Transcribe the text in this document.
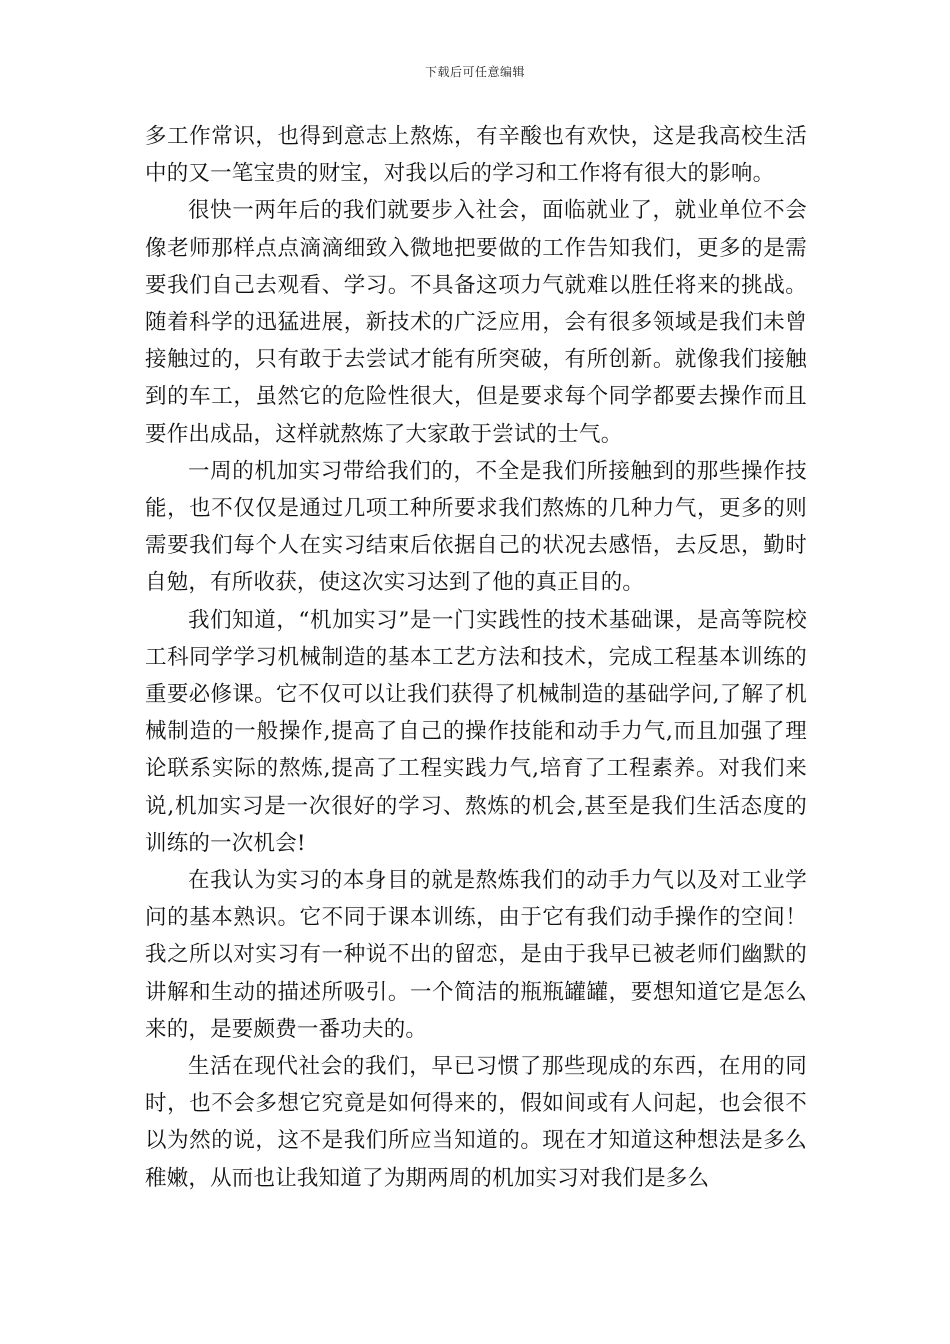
下载后可任意编辑

多工作常识，也得到意志上熬炼，有辛酸也有欢快，这是我高校生活中的又一笔宝贵的财宝，对我以后的学习和工作将有很大的影响。

很快一两年后的我们就要步入社会，面临就业了，就业单位不会像老师那样点点滴滴细致入微地把要做的工作告知我们，更多的是需要我们自己去观看、学习。不具备这项力气就难以胜任将来的挑战。随着科学的迅猛进展，新技术的广泛应用，会有很多领域是我们未曾接触过的，只有敢于去尝试才能有所突破，有所创新。就像我们接触到的车工，虽然它的危险性很大，但是要求每个同学都要去操作而且要作出成品，这样就熬炼了大家敢于尝试的士气。

一周的机加实习带给我们的，不全是我们所接触到的那些操作技能，也不仅仅是通过几项工种所要求我们熬炼的几种力气，更多的则需要我们每个人在实习结束后依据自己的状况去感悟，去反思，勤时自勉，有所收获，使这次实习达到了他的真正目的。

我们知道，“机加实习”是一门实践性的技术基础课，是高等院校工科同学学习机械制造的基本工艺方法和技术，完成工程基本训练的重要必修课。它不仅可以让我们获得了机械制造的基础学问,了解了机械制造的一般操作,提高了自己的操作技能和动手力气,而且加强了理论联系实际的熬炼,提高了工程实践力气,培育了工程素养。对我们来说,机加实习是一次很好的学习、熬炼的机会,甚至是我们生活态度的训练的一次机会!

在我认为实习的本身目的就是熬炼我们的动手力气以及对工业学问的基本熟识。它不同于课本训练，由于它有我们动手操作的空间！我之所以对实习有一种说不出的留恋，是由于我早已被老师们幽默的讲解和生动的描述所吸引。一个简洁的瓶瓶罐罐，要想知道它是怎么来的，是要颇费一番功夫的。

生活在现代社会的我们，早已习惯了那些现成的东西，在用的同时，也不会多想它究竟是如何得来的，假如间或有人问起，也会很不以为然的说，这不是我们所应当知道的。现在才知道这种想法是多么稚嫩，从而也让我知道了为期两周的机加实习对我们是多么
